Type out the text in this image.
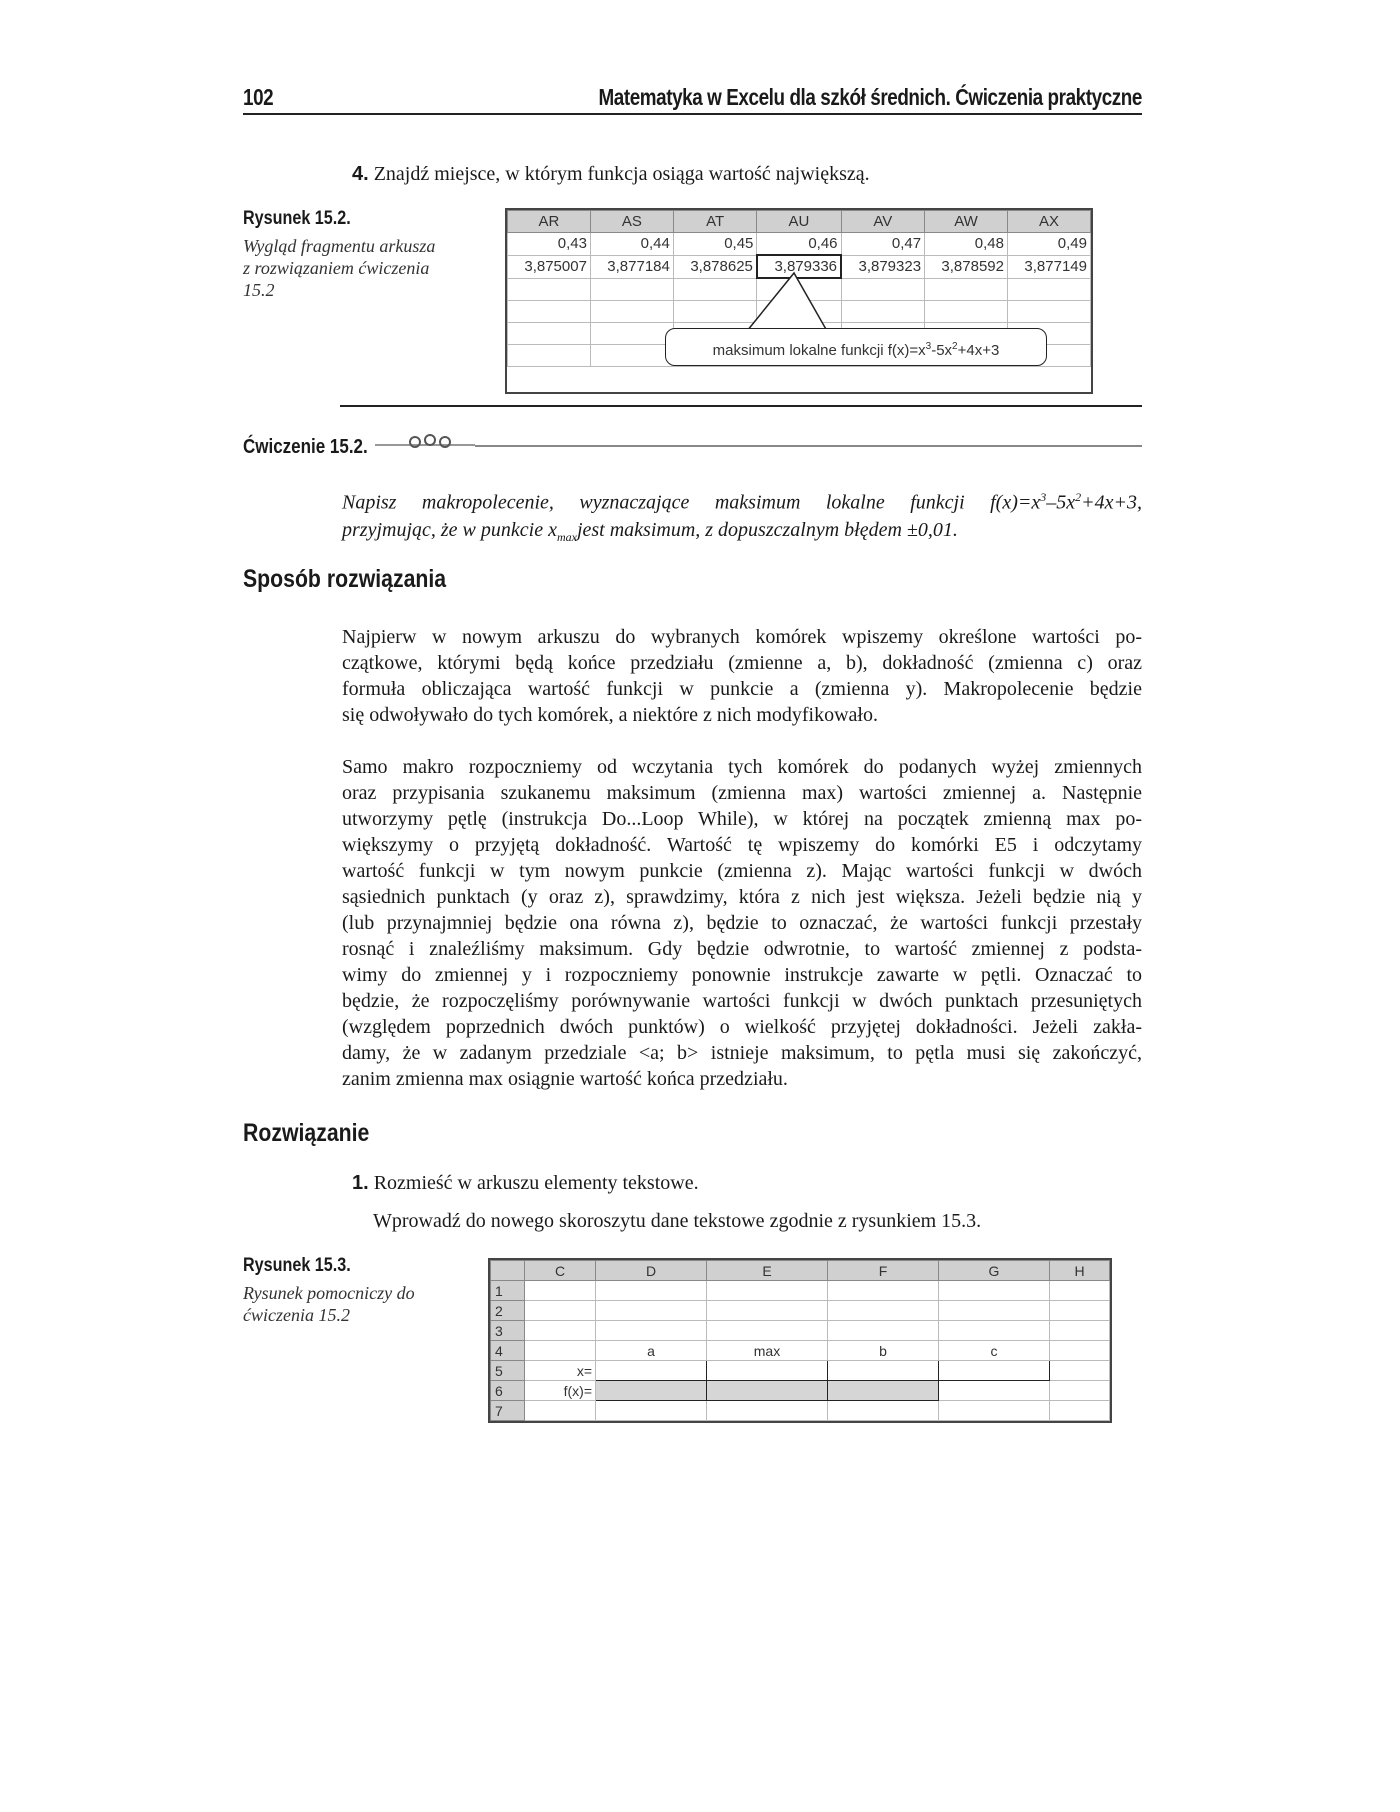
102	Matematyka w Excelu dla szkół średnich. Ćwiczenia praktyczne
4. Znajdź miejsce, w którym funkcja osiąga wartość największą.
Rysunek 15.2.
Wygląd fragmentu arkusza z rozwiązaniem ćwiczenia 15.2
AR	AS	AT	AU	AV	AW	AX
0,43	0,44	0,45	0,46	0,47	0,48	0,49
3,875007	3,877184	3,878625	3,879336	3,879323	3,878592	3,877149

maksimum lokalne funkcji $f(x)=x^3-5x^2+4x+3$
Ćwiczenie 15.2.
Napisz makropolecenie, wyznaczające maksimum lokalne funkcji $f(x)=x^3-5x^2+4x+3$,
przyjmując, że w punkcie $x_{max}jest$ maksimum, z dopuszczalnym błędem ±0,01.
Sposób rozwiązania
Najpierw w nowym arkuszu do wybranych komórek wpiszemy określone wartości po-
czątkowe, którymi będą końce przedziału (zmienne a, b), dokładność (zmienna c) oraz
formuła obliczająca wartość funkcji w punkcie a (zmienna y). Makropolecenie będzie
się odwoływało do tych komórek, a niektóre z nich modyfikowało.
Samo makro rozpoczniemy od wczytania tych komórek do podanych wyżej zmiennych
oraz przypisania szukanemu maksimum (zmienna max) wartości zmiennej a. Następnie
utworzymy pętlę (instrukcja Do...Loop While), w której na początek zmienną max po-
większymy o przyjętą dokładność. Wartość tę wpiszemy do komórki E5 i odczytamy
wartość funkcji w tym nowym punkcie (zmienna z). Mając wartości funkcji w dwóch
sąsiednich punktach (y oraz z), sprawdzimy, która z nich jest większa. Jeżeli będzie nią y
(lub przynajmniej będzie ona równa z), będzie to oznaczać, że wartości funkcji przestały
rosnąć i znaleźliśmy maksimum. Gdy będzie odwrotnie, to wartość zmiennej z podsta-
wimy do zmiennej y i rozpoczniemy ponownie instrukcje zawarte w pętli. Oznaczać to
będzie, że rozpoczęliśmy porównywanie wartości funkcji w dwóch punktach przesuniętych
(względem poprzednich dwóch punktów) o wielkość przyjętej dokładności. Jeżeli zakła-
damy, że w zadanym przedziale <a; b> istnieje maksimum, to pętla musi się zakończyć,
zanim zmienna max osiągnie wartość końca przedziału.
Rozwiązanie
1. Rozmieść w arkuszu elementy tekstowe.
Wprowadź do nowego skoroszytu dane tekstowe zgodnie z rysunkiem 15.3.
Rysunek 15.3.
Rysunek pomocniczy do ćwiczenia 15.2
	C	D	E	F	G	H
1						
2						
3						
4		a	max	b	c	
5	x=					
6	f(x)=					
7						
